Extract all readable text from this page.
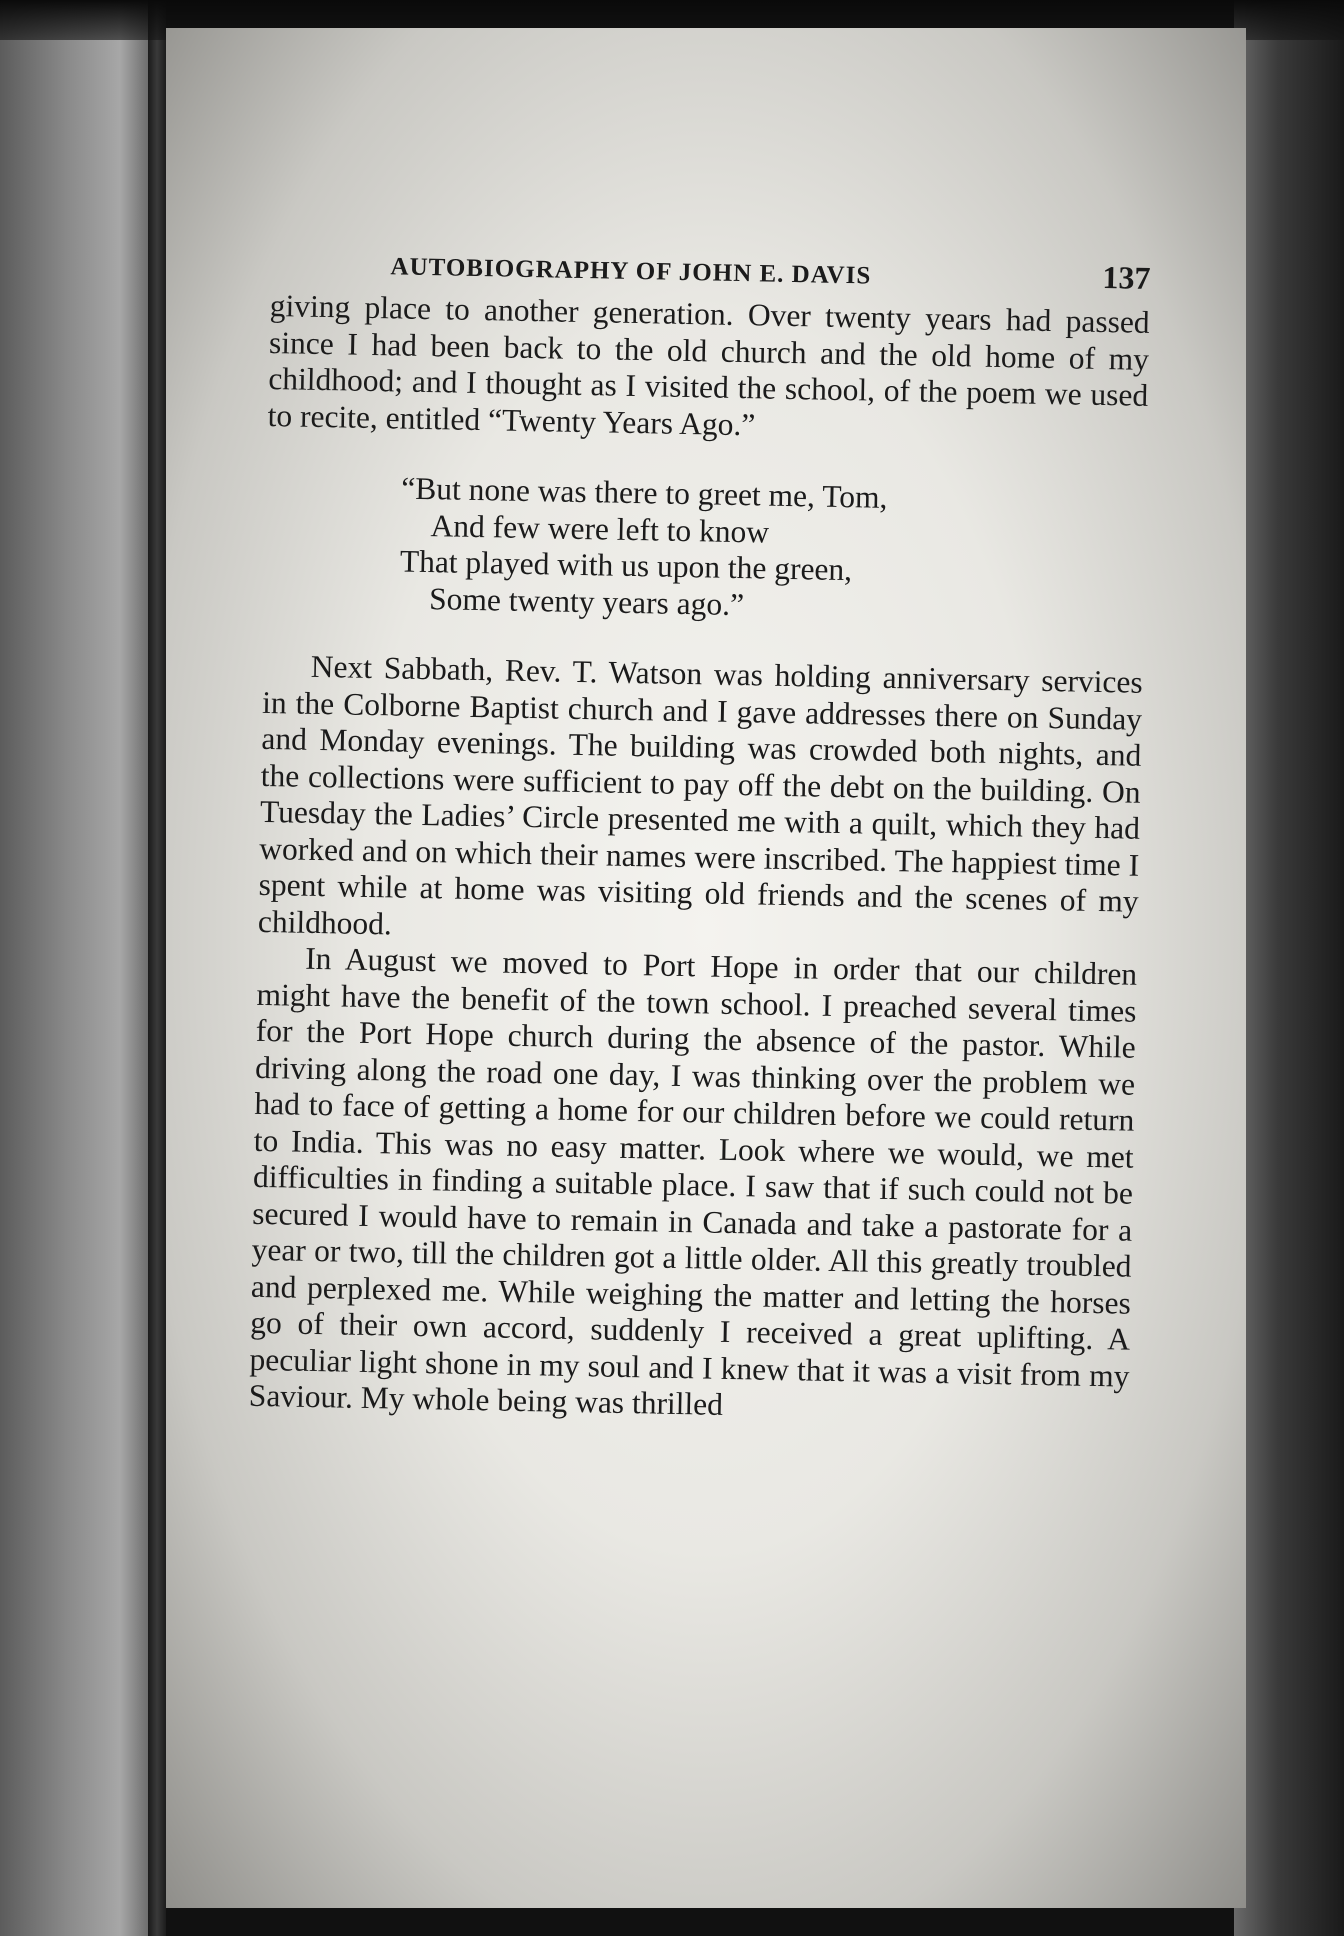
AUTOBIOGRAPHY OF JOHN E. DAVIS	137

giving place to another generation. Over twenty years had passed since I had been back to the old church and the old home of my childhood; and I thought as I visited the school, of the poem we used to recite, entitled “Twenty Years Ago.”

“But none was there to greet me, Tom,
And few were left to know
That played with us upon the green,
Some twenty years ago.”

Next Sabbath, Rev. T. Watson was holding anniversary services in the Colborne Baptist church and I gave addresses there on Sunday and Monday evenings. The building was crowded both nights, and the collections were sufficient to pay off the debt on the building. On Tuesday the Ladies’ Circle presented me with a quilt, which they had worked and on which their names were inscribed. The happiest time I spent while at home was visiting old friends and the scenes of my childhood.

In August we moved to Port Hope in order that our children might have the benefit of the town school. I preached several times for the Port Hope church during the absence of the pastor. While driving along the road one day, I was thinking over the problem we had to face of getting a home for our children before we could return to India. This was no easy matter. Look where we would, we met difficulties in finding a suitable place. I saw that if such could not be secured I would have to remain in Canada and take a pastorate for a year or two, till the children got a little older. All this greatly troubled and perplexed me. While weighing the matter and letting the horses go of their own accord, suddenly I received a great uplifting. A peculiar light shone in my soul and I knew that it was a visit from my Saviour. My whole being was thrilled
